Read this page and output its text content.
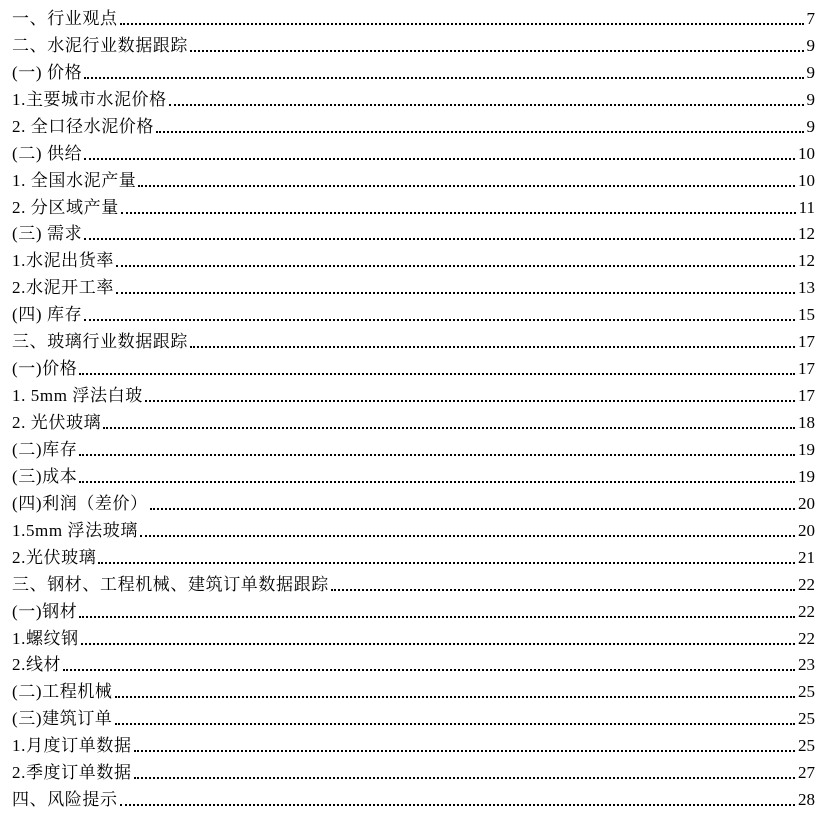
一、行业观点	7
二、水泥行业数据跟踪	9
(一) 价格	9
1.主要城市水泥价格	9
2. 全口径水泥价格	9
(二) 供给	10
1. 全国水泥产量	10
2. 分区域产量	11
(三) 需求	12
1.水泥出货率	12
2.水泥开工率	13
(四) 库存	15
三、玻璃行业数据跟踪	17
(一)价格	17
1. 5mm 浮法白玻	17
2. 光伏玻璃	18
(二)库存	19
(三)成本	19
(四)利润（差价）	20
1.5mm 浮法玻璃	20
2.光伏玻璃	21
三、钢材、工程机械、建筑订单数据跟踪	22
(一)钢材	22
1.螺纹钢	22
2.线材	23
(二)工程机械	25
(三)建筑订单	25
1.月度订单数据	25
2.季度订单数据	27
四、风险提示	28
